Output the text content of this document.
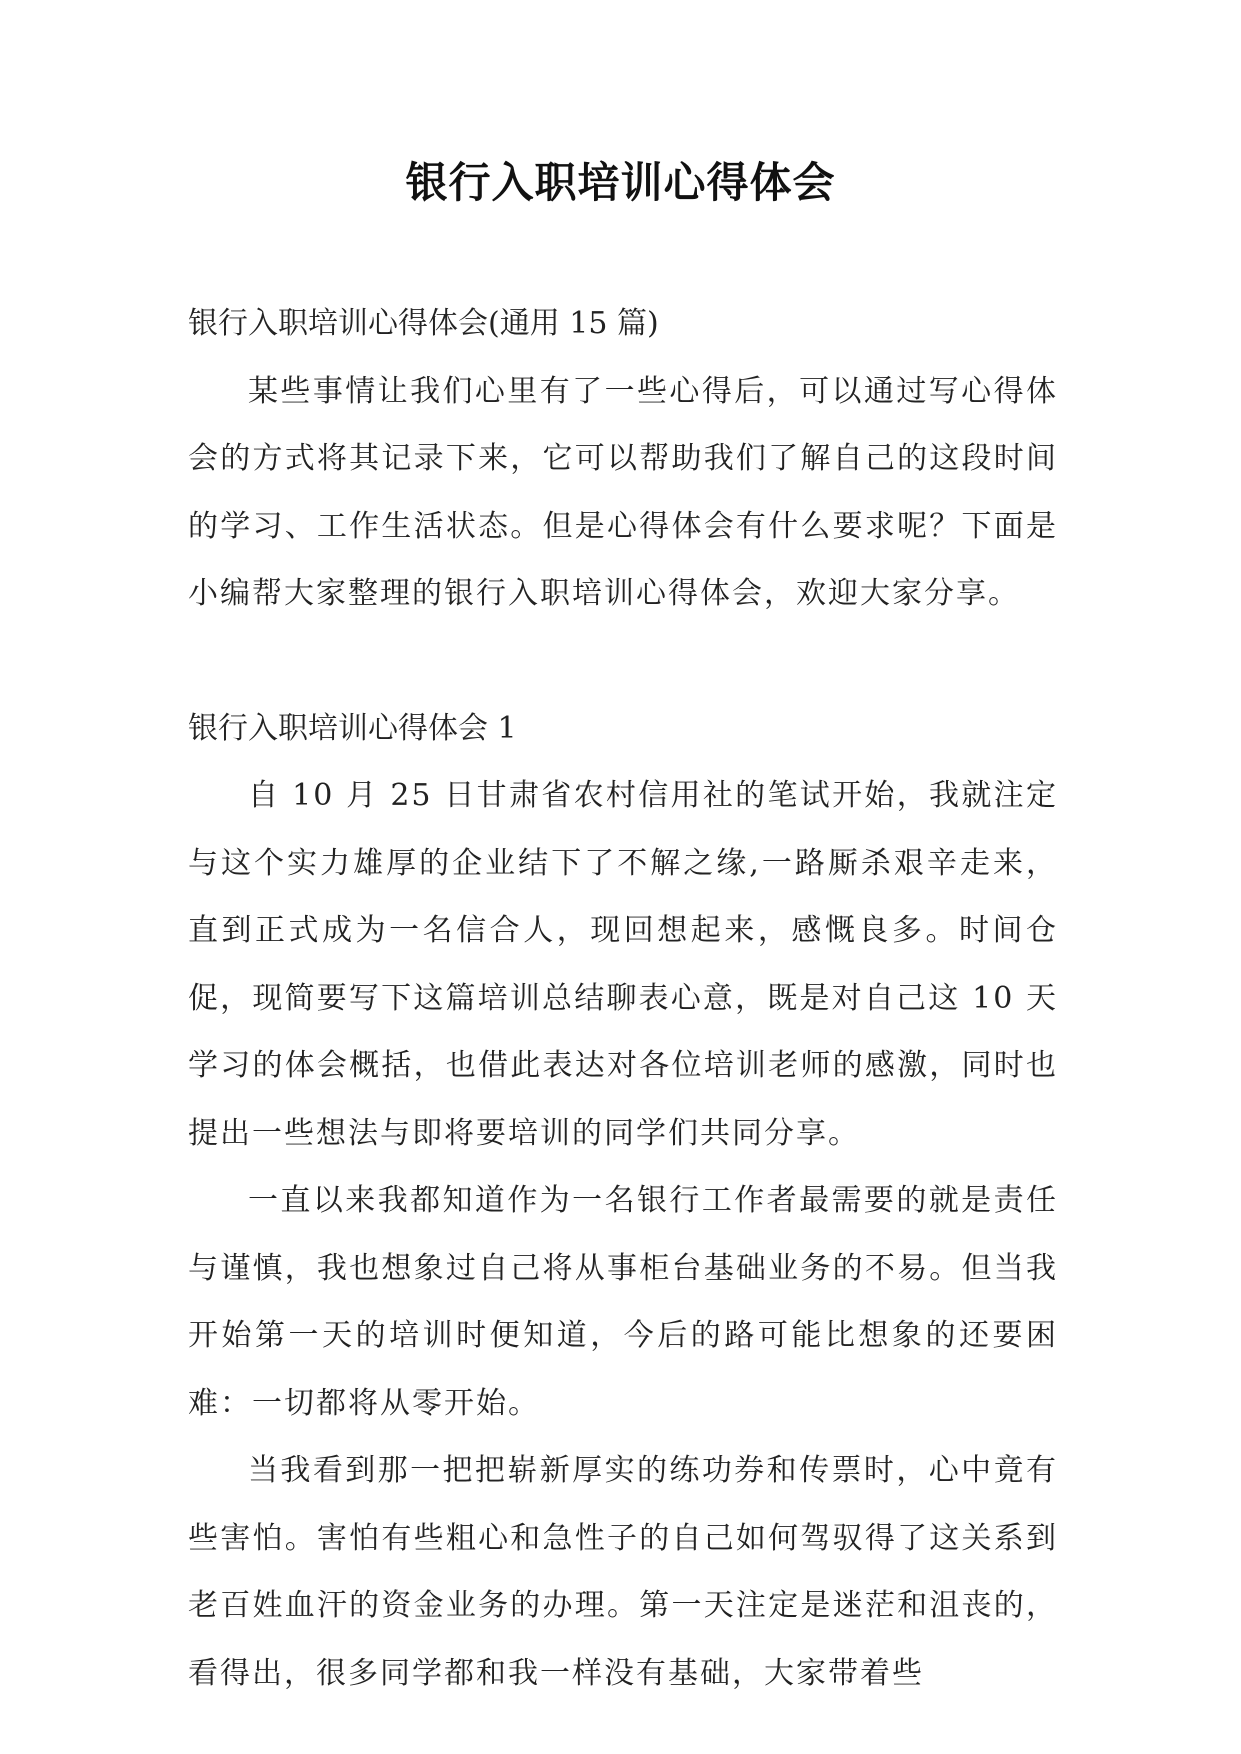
银行入职培训心得体会

银行入职培训心得体会(通用 15 篇)

某些事情让我们心里有了一些心得后，可以通过写心得体会的方式将其记录下来，它可以帮助我们了解自己的这段时间的学习、工作生活状态。但是心得体会有什么要求呢？下面是小编帮大家整理的银行入职培训心得体会，欢迎大家分享。

银行入职培训心得体会 1

自 10 月 25 日甘肃省农村信用社的笔试开始，我就注定与这个实力雄厚的企业结下了不解之缘,一路厮杀艰辛走来，直到正式成为一名信合人，现回想起来，感慨良多。时间仓促，现简要写下这篇培训总结聊表心意，既是对自己这 10 天学习的体会概括，也借此表达对各位培训老师的感激，同时也提出一些想法与即将要培训的同学们共同分享。

一直以来我都知道作为一名银行工作者最需要的就是责任与谨慎，我也想象过自己将从事柜台基础业务的不易。但当我开始第一天的培训时便知道，今后的路可能比想象的还要困难：一切都将从零开始。

当我看到那一把把崭新厚实的练功券和传票时，心中竟有些害怕。害怕有些粗心和急性子的自己如何驾驭得了这关系到老百姓血汗的资金业务的办理。第一天注定是迷茫和沮丧的，看得出，很多同学都和我一样没有基础，大家带着些
